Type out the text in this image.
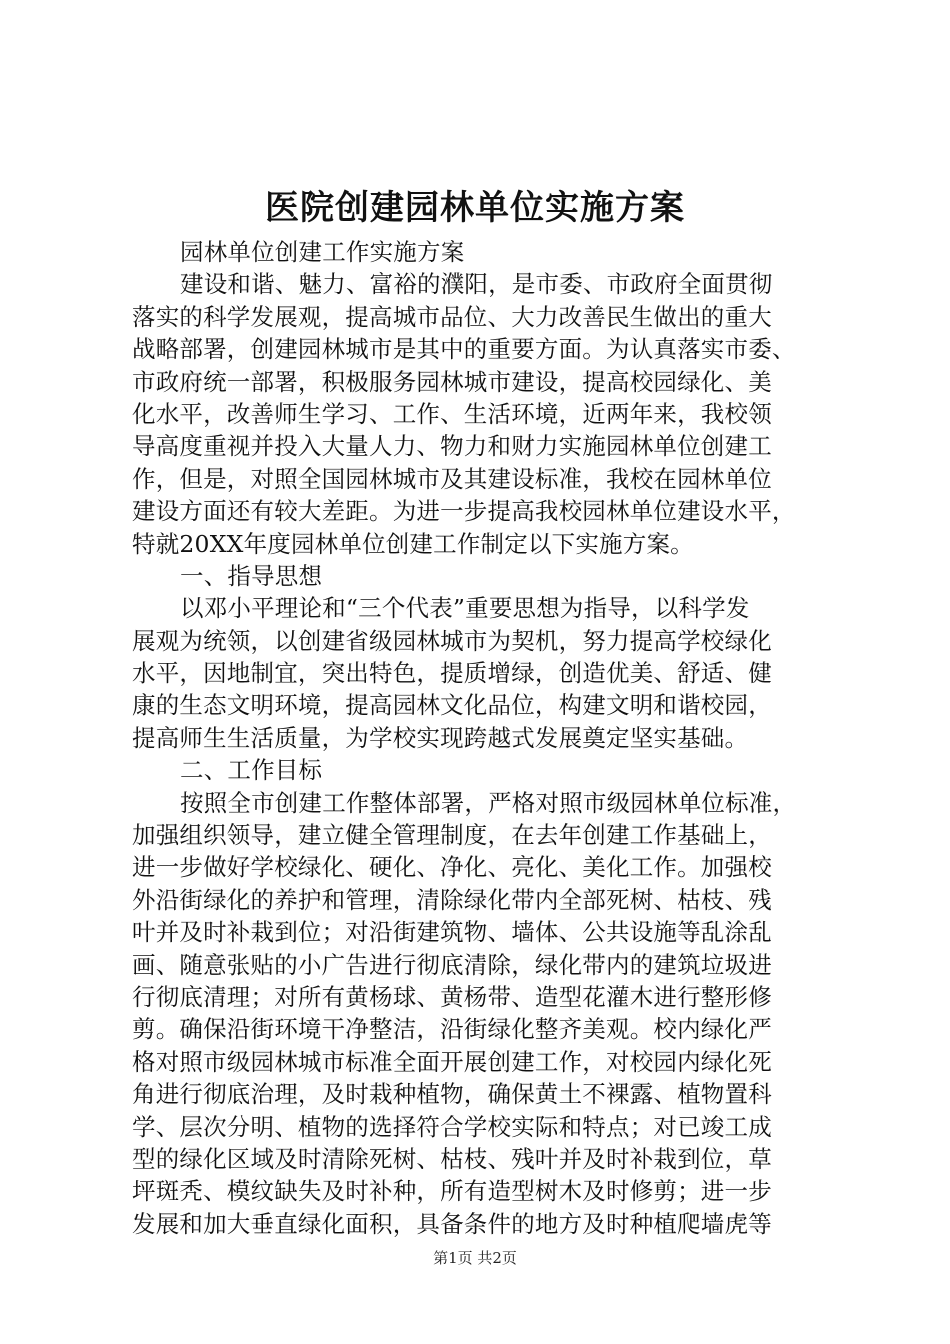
医院创建园林单位实施方案
园林单位创建工作实施方案
建设和谐、魅力、富裕的濮阳，是市委、市政府全面贯彻
落实的科学发展观，提高城市品位、大力改善民生做出的重大
战略部署，创建园林城市是其中的重要方面。为认真落实市委、
市政府统一部署，积极服务园林城市建设，提高校园绿化、美
化水平，改善师生学习、工作、生活环境，近两年来，我校领
导高度重视并投入大量人力、物力和财力实施园林单位创建工
作，但是，对照全国园林城市及其建设标准，我校在园林单位
建设方面还有较大差距。为进一步提高我校园林单位建设水平，
特就20XX年度园林单位创建工作制定以下实施方案。
一、指导思想
以邓小平理论和“三个代表”重要思想为指导，以科学发
展观为统领，以创建省级园林城市为契机，努力提高学校绿化
水平，因地制宜，突出特色，提质增绿，创造优美、舒适、健
康的生态文明环境，提高园林文化品位，构建文明和谐校园，
提高师生生活质量，为学校实现跨越式发展奠定坚实基础。
二、工作目标
按照全市创建工作整体部署，严格对照市级园林单位标准，
加强组织领导，建立健全管理制度，在去年创建工作基础上，
进一步做好学校绿化、硬化、净化、亮化、美化工作。加强校
外沿街绿化的养护和管理，清除绿化带内全部死树、枯枝、残
叶并及时补栽到位；对沿街建筑物、墙体、公共设施等乱涂乱
画、随意张贴的小广告进行彻底清除，绿化带内的建筑垃圾进
行彻底清理；对所有黄杨球、黄杨带、造型花灌木进行整形修
剪。确保沿街环境干净整洁，沿街绿化整齐美观。校内绿化严
格对照市级园林城市标准全面开展创建工作，对校园内绿化死
角进行彻底治理，及时栽种植物，确保黄土不裸露、植物置科
学、层次分明、植物的选择符合学校实际和特点；对已竣工成
型的绿化区域及时清除死树、枯枝、残叶并及时补栽到位，草
坪斑秃、模纹缺失及时补种，所有造型树木及时修剪；进一步
发展和加大垂直绿化面积，具备条件的地方及时种植爬墙虎等
第1页 共2页
